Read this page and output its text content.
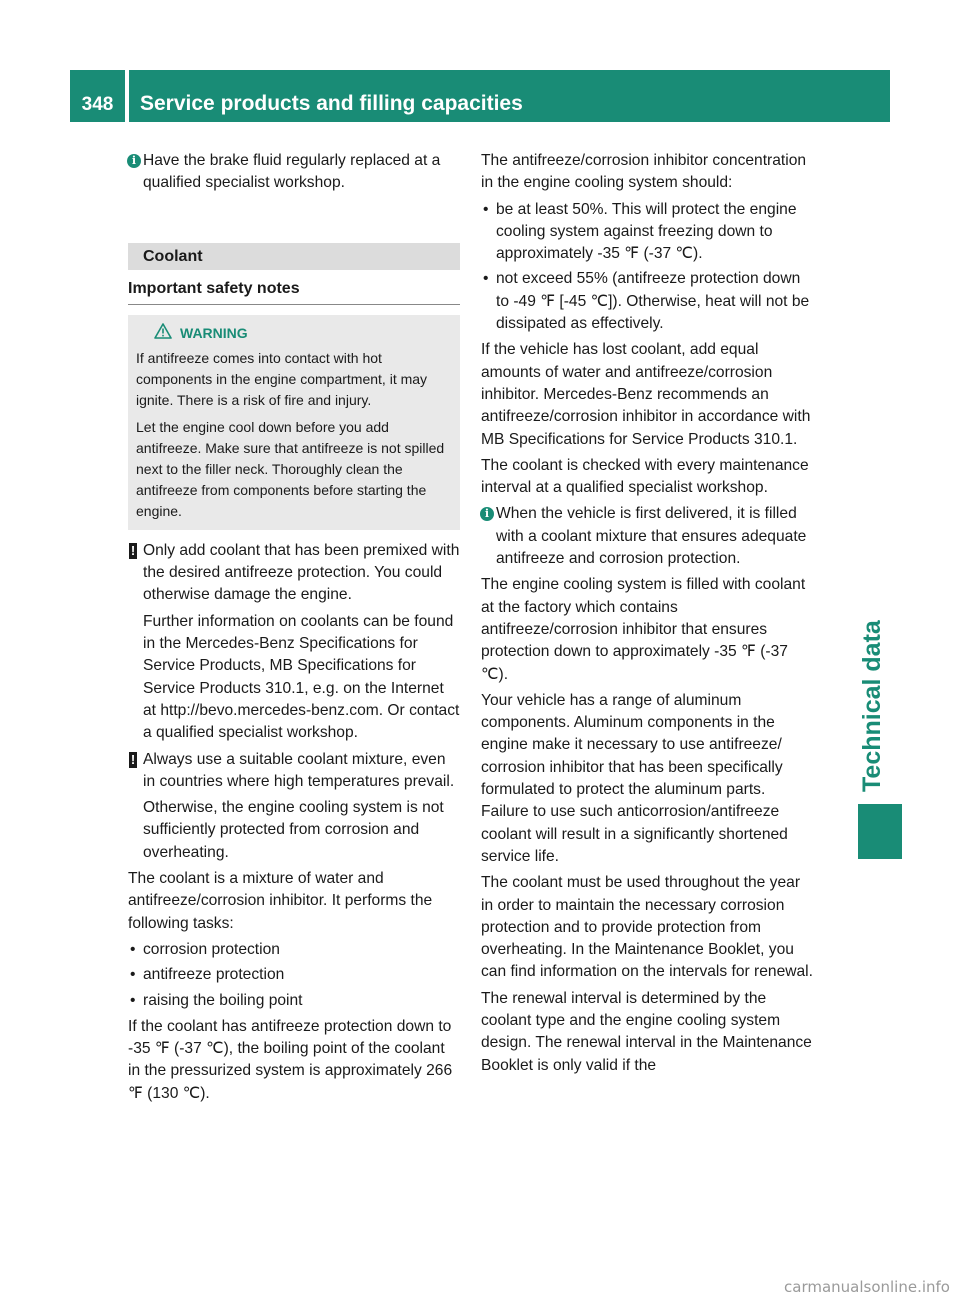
348	Service products and filling capacities
Technical data
i Have the brake fluid regularly replaced at a qualified specialist workshop.
Coolant
Important safety notes
WARNING

If antifreeze comes into contact with hot components in the engine compartment, it may ignite. There is a risk of fire and injury.

Let the engine cool down before you add antifreeze. Make sure that antifreeze is not spilled next to the filler neck. Thoroughly clean the antifreeze from components before starting the engine.

! Only add coolant that has been premixed with the desired antifreeze protection. You could otherwise damage the engine.
Further information on coolants can be found in the Mercedes-Benz Specifications for Service Products, MB Specifications for Service Products 310.1, e.g. on the Internet at http://bevo.mercedes-benz.com. Or contact a qualified specialist workshop.
! Always use a suitable coolant mixture, even in countries where high temperatures prevail.
Otherwise, the engine cooling system is not sufficiently protected from corrosion and overheating.

The coolant is a mixture of water and antifreeze/corrosion inhibitor. It performs the following tasks:

• corrosion protection
• antifreeze protection
• raising the boiling point

If the coolant has antifreeze protection down to -35 ℉ (-37 ℃), the boiling point of the coolant in the pressurized system is approximately 266 ℉ (130 ℃).

The antifreeze/corrosion inhibitor concentration in the engine cooling system should:

• be at least 50%. This will protect the engine cooling system against freezing down to approximately -35 ℉ (-37 ℃).
• not exceed 55% (antifreeze protection down to -49 ℉ [-45 ℃]). Otherwise, heat will not be dissipated as effectively.

If the vehicle has lost coolant, add equal amounts of water and antifreeze/corrosion inhibitor. Mercedes-Benz recommends an antifreeze/corrosion inhibitor in accordance with MB Specifications for Service Products 310.1.

The coolant is checked with every maintenance interval at a qualified specialist workshop.

i When the vehicle is first delivered, it is filled with a coolant mixture that ensures adequate antifreeze and corrosion protection.

The engine cooling system is filled with coolant at the factory which contains antifreeze/corrosion inhibitor that ensures protection down to approximately -35 ℉ (-37 ℃).

Your vehicle has a range of aluminum components. Aluminum components in the engine make it necessary to use antifreeze/ corrosion inhibitor that has been specifically formulated to protect the aluminum parts. Failure to use such anticorrosion/antifreeze coolant will result in a significantly shortened service life.

The coolant must be used throughout the year in order to maintain the necessary corrosion protection and to provide protection from overheating. In the Maintenance Booklet, you can find information on the intervals for renewal.

The renewal interval is determined by the coolant type and the engine cooling system design. The renewal interval in the Maintenance Booklet is only valid if the

carmanualsonline.info
